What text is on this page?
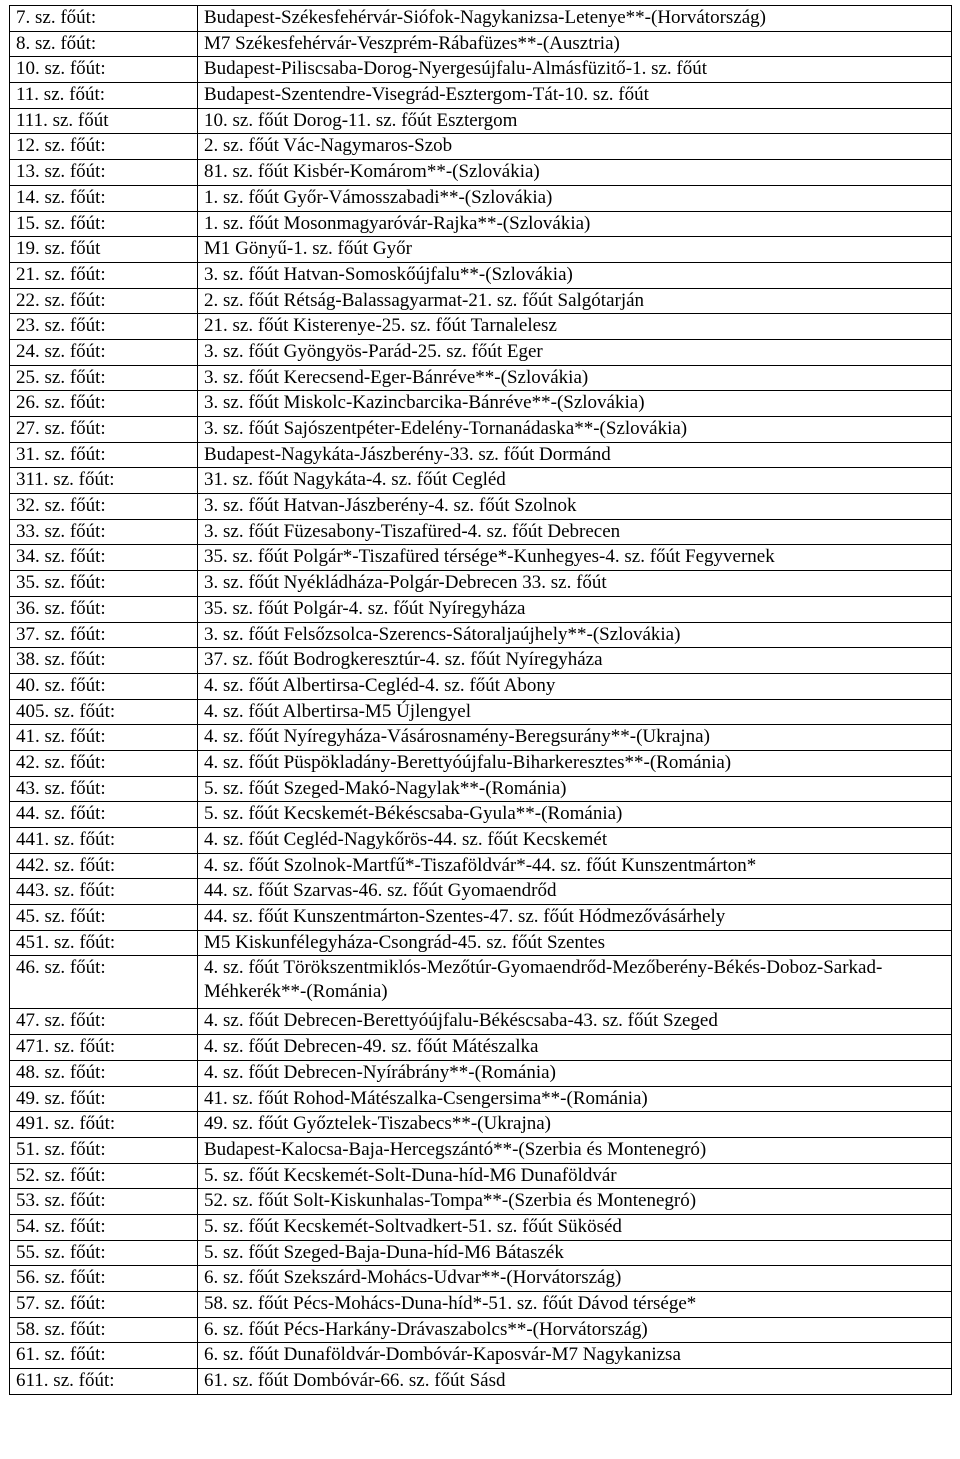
7. sz. főút:	Budapest-Székesfehérvár-Siófok-Nagykanizsa-Letenye**-(Horvátország)
8. sz. főút:	M7 Székesfehérvár-Veszprém-Rábafüzes**-(Ausztria)
10. sz. főút:	Budapest-Piliscsaba-Dorog-Nyergesújfalu-Almásfüzitő-1. sz. főút
11. sz. főút:	Budapest-Szentendre-Visegrád-Esztergom-Tát-10. sz. főút
111. sz. főút	10. sz. főút Dorog-11. sz. főút Esztergom
12. sz. főút:	2. sz. főút Vác-Nagymaros-Szob
13. sz. főút:	81. sz. főút Kisbér-Komárom**-(Szlovákia)
14. sz. főút:	1. sz. főút Győr-Vámosszabadi**-(Szlovákia)
15. sz. főút:	1. sz. főút Mosonmagyaróvár-Rajka**-(Szlovákia)
19. sz. főút	M1 Gönyű-1. sz. főút Győr
21. sz. főút:	3. sz. főút Hatvan-Somoskőújfalu**-(Szlovákia)
22. sz. főút:	2. sz. főút Rétság-Balassagyarmat-21. sz. főút Salgótarján
23. sz. főút:	21. sz. főút Kisterenye-25. sz. főút Tarnalelesz
24. sz. főút:	3. sz. főút Gyöngyös-Parád-25. sz. főút Eger
25. sz. főút:	3. sz. főút Kerecsend-Eger-Bánréve**-(Szlovákia)
26. sz. főút:	3. sz. főút Miskolc-Kazincbarcika-Bánréve**-(Szlovákia)
27. sz. főút:	3. sz. főút Sajószentpéter-Edelény-Tornanádaska**-(Szlovákia)
31. sz. főút:	Budapest-Nagykáta-Jászberény-33. sz. főút Dormánd
311. sz. főút:	31. sz. főút Nagykáta-4. sz. főút Cegléd
32. sz. főút:	3. sz. főút Hatvan-Jászberény-4. sz. főút Szolnok
33. sz. főút:	3. sz. főút Füzesabony-Tiszafüred-4. sz. főút Debrecen
34. sz. főút:	35. sz. főút Polgár*-Tiszafüred térsége*-Kunhegyes-4. sz. főút Fegyvernek
35. sz. főút:	3. sz. főút Nyékládháza-Polgár-Debrecen 33. sz. főút
36. sz. főút:	35. sz. főút Polgár-4. sz. főút Nyíregyháza
37. sz. főút:	3. sz. főút Felsőzsolca-Szerencs-Sátoraljaújhely**-(Szlovákia)
38. sz. főút:	37. sz. főút Bodrogkeresztúr-4. sz. főút Nyíregyháza
40. sz. főút:	4. sz. főút Albertirsa-Cegléd-4. sz. főút Abony
405. sz. főút:	4. sz. főút Albertirsa-M5 Újlengyel
41. sz. főút:	4. sz. főút Nyíregyháza-Vásárosnamény-Beregsurány**-(Ukrajna)
42. sz. főút:	4. sz. főút Püspökladány-Berettyóújfalu-Biharkeresztes**-(Románia)
43. sz. főút:	5. sz. főút Szeged-Makó-Nagylak**-(Románia)
44. sz. főút:	5. sz. főút Kecskemét-Békéscsaba-Gyula**-(Románia)
441. sz. főút:	4. sz. főút Cegléd-Nagykőrös-44. sz. főút Kecskemét
442. sz. főút:	4. sz. főút Szolnok-Martfű*-Tiszaföldvár*-44. sz. főút Kunszentmárton*
443. sz. főút:	44. sz. főút Szarvas-46. sz. főút Gyomaendrőd
45. sz. főút:	44. sz. főút Kunszentmárton-Szentes-47. sz. főút Hódmezővásárhely
451. sz. főút:	M5 Kiskunfélegyháza-Csongrád-45. sz. főút Szentes
46. sz. főút:	4. sz. főút Törökszentmiklós-Mezőtúr-Gyomaendrőd-Mezőberény-Békés-Doboz-Sarkad-Méhkerék**-(Románia)
47. sz. főút:	4. sz. főút Debrecen-Berettyóújfalu-Békéscsaba-43. sz. főút Szeged
471. sz. főút:	4. sz. főút Debrecen-49. sz. főút Mátészalka
48. sz. főút:	4. sz. főút Debrecen-Nyírábrány**-(Románia)
49. sz. főút:	41. sz. főút Rohod-Mátészalka-Csengersima**-(Románia)
491. sz. főút:	49. sz. főút Győztelek-Tiszabecs**-(Ukrajna)
51. sz. főút:	Budapest-Kalocsa-Baja-Hercegszántó**-(Szerbia és Montenegró)
52. sz. főút:	5. sz. főút Kecskemét-Solt-Duna-híd-M6 Dunaföldvár
53. sz. főút:	52. sz. főút Solt-Kiskunhalas-Tompa**-(Szerbia és Montenegró)
54. sz. főút:	5. sz. főút Kecskemét-Soltvadkert-51. sz. főút Süköséd
55. sz. főút:	5. sz. főút Szeged-Baja-Duna-híd-M6 Bátaszék
56. sz. főút:	6. sz. főút Szekszárd-Mohács-Udvar**-(Horvátország)
57. sz. főút:	58. sz. főút Pécs-Mohács-Duna-híd*-51. sz. főút Dávod térsége*
58. sz. főút:	6. sz. főút Pécs-Harkány-Drávaszabolcs**-(Horvátország)
61. sz. főút:	6. sz. főút Dunaföldvár-Dombóvár-Kaposvár-M7 Nagykanizsa
611. sz. főút:	61. sz. főút Dombóvár-66. sz. főút Sásd
